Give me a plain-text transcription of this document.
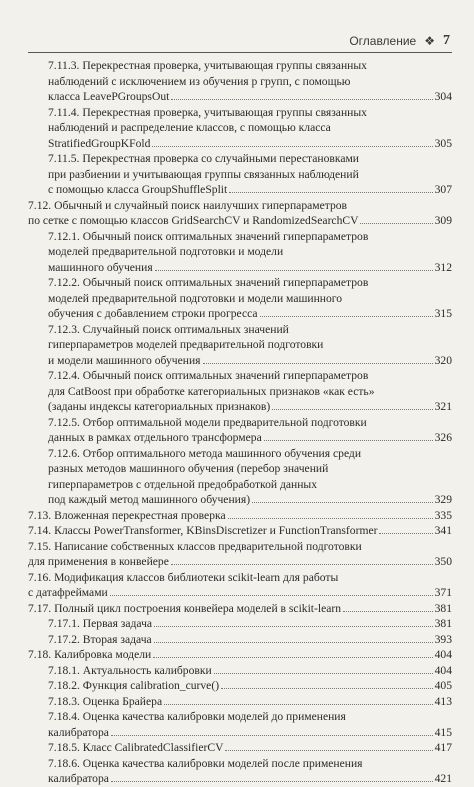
Оглавление ❖ 7
7.11.3. Перекрестная проверка, учитывающая группы связанных
наблюдений с исключением из обучения p групп, с помощью
класса LeavePGroupsOut	304
7.11.4. Перекрестная проверка, учитывающая группы связанных
наблюдений и распределение классов, с помощью класса
StratifiedGroupKFold	305
7.11.5. Перекрестная проверка со случайными перестановками
при разбиении и учитывающая группы связанных наблюдений
с помощью класса GroupShuffleSplit	307
7.12. Обычный и случайный поиск наилучших гиперпараметров
по сетке с помощью классов GridSearchCV и RandomizedSearchCV	309
7.12.1. Обычный поиск оптимальных значений гиперпараметров
моделей предварительной подготовки и модели
машинного обучения	312
7.12.2. Обычный поиск оптимальных значений гиперпараметров
моделей предварительной подготовки и модели машинного
обучения с добавлением строки прогресса	315
7.12.3. Случайный поиск оптимальных значений
гиперпараметров моделей предварительной подготовки
и модели машинного обучения	320
7.12.4. Обычный поиск оптимальных значений гиперпараметров
для CatBoost при обработке категориальных признаков «как есть»
(заданы индексы категориальных признаков)	321
7.12.5. Отбор оптимальной модели предварительной подготовки
данных в рамках отдельного трансформера	326
7.12.6. Отбор оптимального метода машинного обучения среди
разных методов машинного обучения (перебор значений
гиперпараметров с отдельной предобработкой данных
под каждый метод машинного обучения)	329
7.13. Вложенная перекрестная проверка	335
7.14. Классы PowerTransformer, KBinsDiscretizer и FunctionTransformer	341
7.15. Написание собственных классов предварительной подготовки
для применения в конвейере	350
7.16. Модификация классов библиотеки scikit-learn для работы
с датафреймами	371
7.17. Полный цикл построения конвейера моделей в scikit-learn	381
7.17.1. Первая задача	381
7.17.2. Вторая задача	393
7.18. Калибровка модели	404
7.18.1. Актуальность калибровки	404
7.18.2. Функция calibration_curve()	405
7.18.3. Оценка Брайера	413
7.18.4. Оценка качества калибровки моделей до применения
калибратора	415
7.18.5. Класс CalibratedClassifierCV	417
7.18.6. Оценка качества калибровки моделей после применения
калибратора	421
